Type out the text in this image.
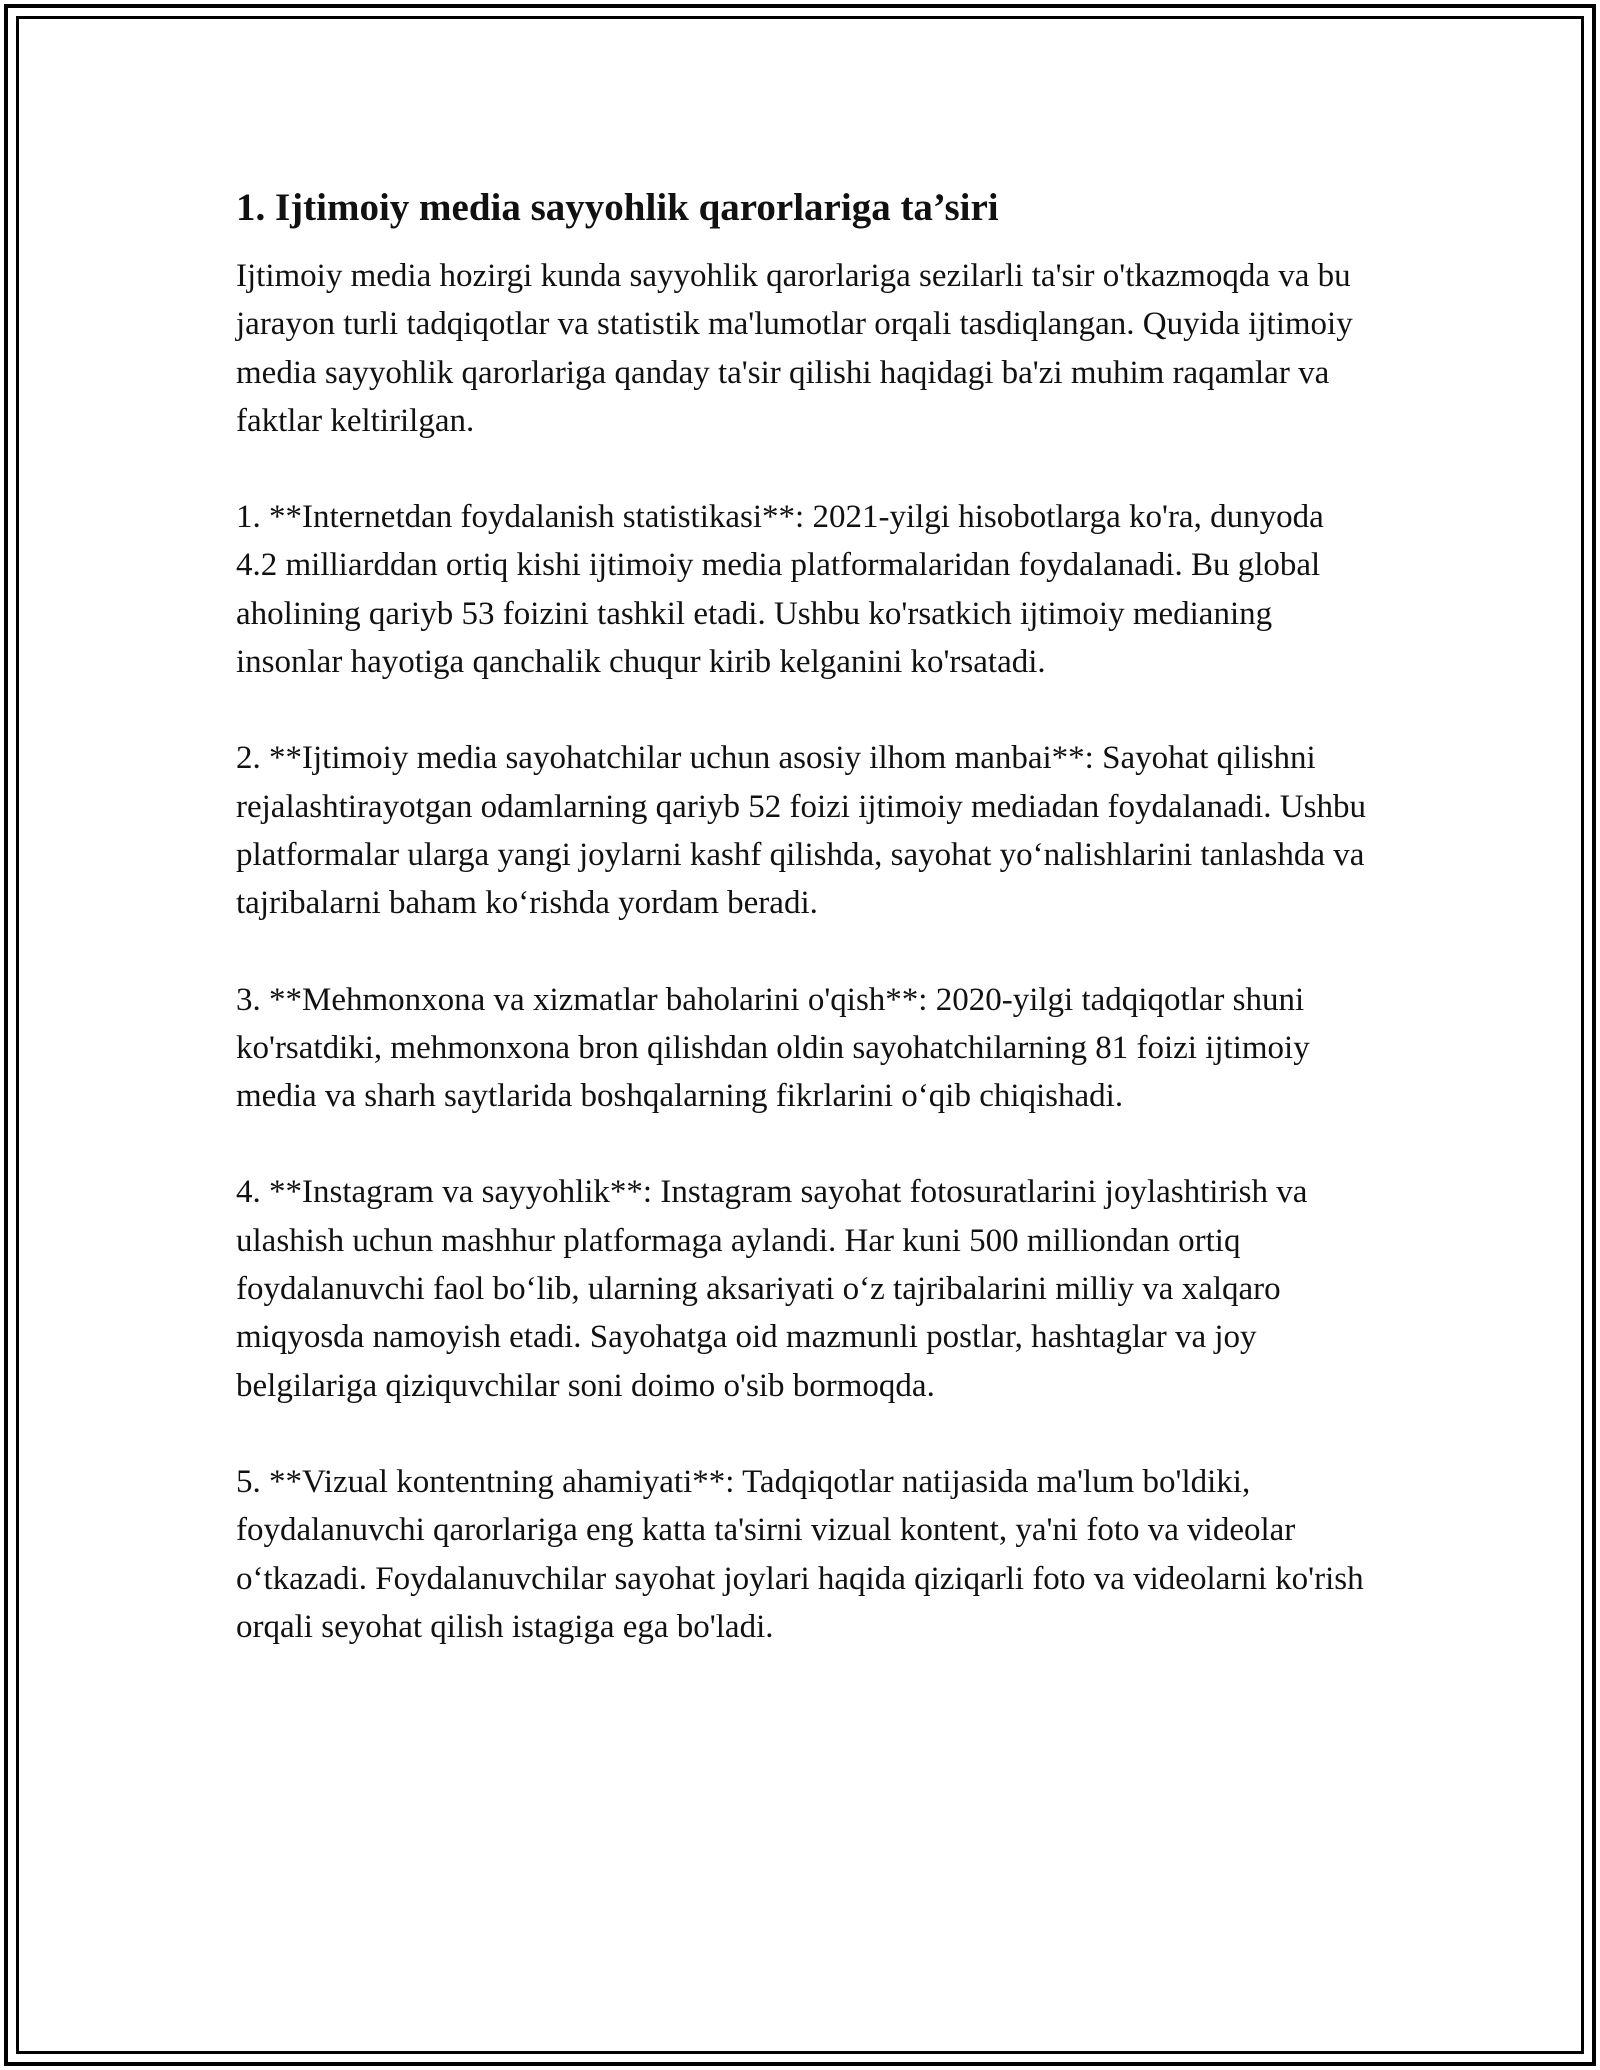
1. Ijtimoiy media sayyohlik qarorlariga ta’siri

Ijtimoiy media hozirgi kunda sayyohlik qarorlariga sezilarli ta'sir o'tkazmoqda va bu jarayon turli tadqiqotlar va statistik ma'lumotlar orqali tasdiqlangan. Quyida ijtimoiy media sayyohlik qarorlariga qanday ta'sir qilishi haqidagi ba'zi muhim raqamlar va faktlar keltirilgan.

1. **Internetdan foydalanish statistikasi**: 2021-yilgi hisobotlarga ko'ra, dunyoda 4.2 milliarddan ortiq kishi ijtimoiy media platformalaridan foydalanadi. Bu global aholining qariyb 53 foizini tashkil etadi. Ushbu ko'rsatkich ijtimoiy medianing insonlar hayotiga qanchalik chuqur kirib kelganini ko'rsatadi.

2. **Ijtimoiy media sayohatchilar uchun asosiy ilhom manbai**: Sayohat qilishni rejalashtirayotgan odamlarning qariyb 52 foizi ijtimoiy mediadan foydalanadi. Ushbu platformalar ularga yangi joylarni kashf qilishda, sayohat yo‘nalishlarini tanlashda va tajribalarni baham ko‘rishda yordam beradi.

3. **Mehmonxona va xizmatlar baholarini o'qish**: 2020-yilgi tadqiqotlar shuni ko'rsatdiki, mehmonxona bron qilishdan oldin sayohatchilarning 81 foizi ijtimoiy media va sharh saytlarida boshqalarning fikrlarini o‘qib chiqishadi.

4. **Instagram va sayyohlik**: Instagram sayohat fotosuratlarini joylashtirish va ulashish uchun mashhur platformaga aylandi. Har kuni 500 milliondan ortiq foydalanuvchi faol bo‘lib, ularning aksariyati o‘z tajribalarini milliy va xalqaro miqyosda namoyish etadi. Sayohatga oid mazmunli postlar, hashtaglar va joy belgilariga qiziquvchilar soni doimo o'sib bormoqda.

5. **Vizual kontentning ahamiyati**: Tadqiqotlar natijasida ma'lum bo'ldiki, foydalanuvchi qarorlariga eng katta ta'sirni vizual kontent, ya'ni foto va videolar o‘tkazadi. Foydalanuvchilar sayohat joylari haqida qiziqarli foto va videolarni ko'rish orqali seyohat qilish istagiga ega bo'ladi.
